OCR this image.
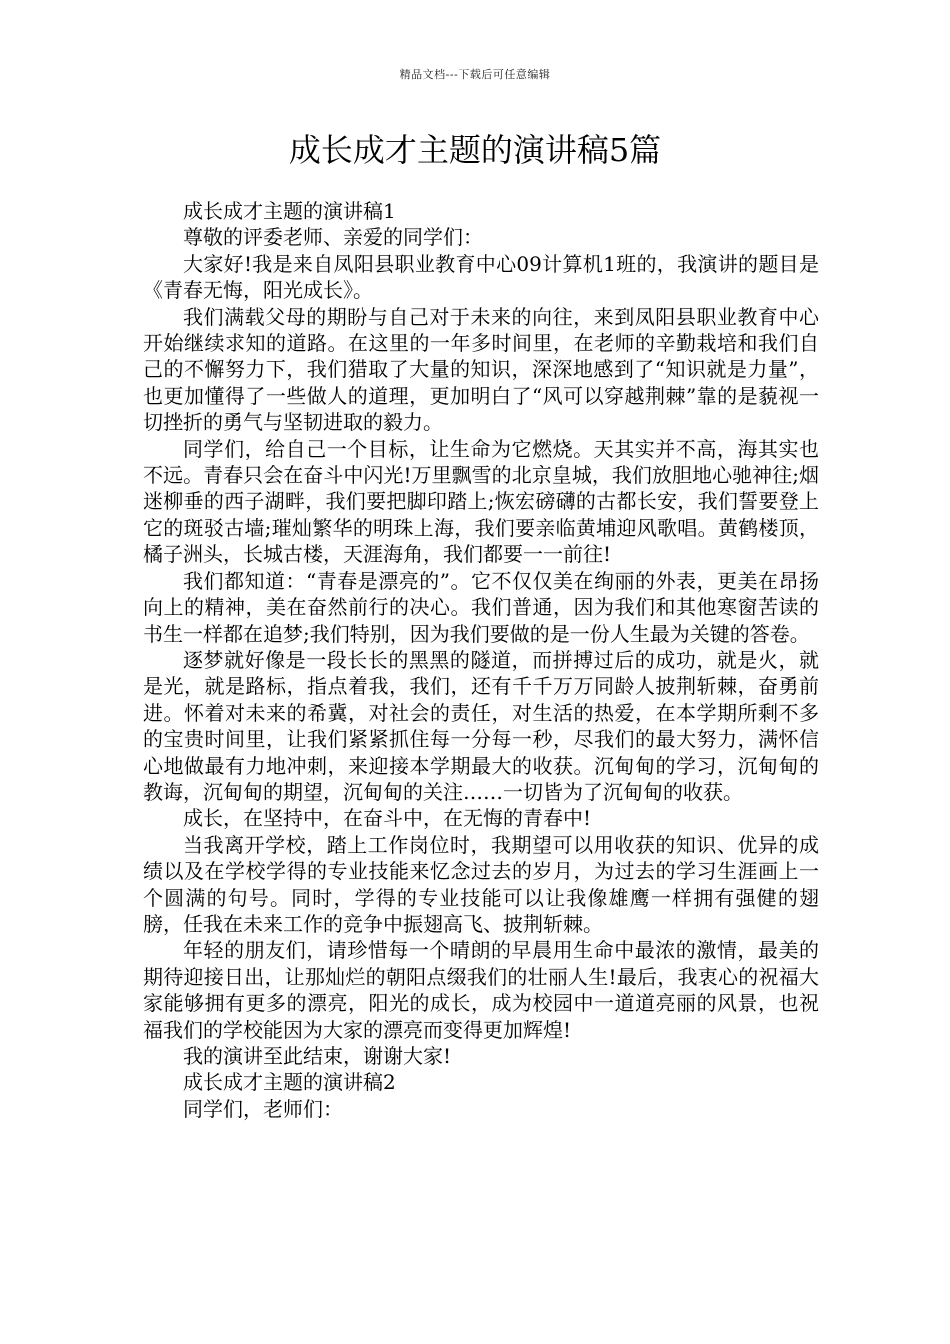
精品文档---下载后可任意编辑
成长成才主题的演讲稿5篇

成长成才主题的演讲稿1

尊敬的评委老师、亲爱的同学们：

大家好!我是来自凤阳县职业教育中心09计算机1班的，我演讲的题目是《青春无悔，阳光成长》。

我们满载父母的期盼与自己对于未来的向往，来到凤阳县职业教育中心开始继续求知的道路。在这里的一年多时间里，在老师的辛勤栽培和我们自己的不懈努力下，我们猎取了大量的知识，深深地感到了“知识就是力量”，也更加懂得了一些做人的道理，更加明白了“风可以穿越荆棘”靠的是藐视一切挫折的勇气与坚韧进取的毅力。

同学们，给自己一个目标，让生命为它燃烧。天其实并不高，海其实也不远。青春只会在奋斗中闪光!万里飘雪的北京皇城，我们放胆地心驰神往;烟迷柳垂的西子湖畔，我们要把脚印踏上;恢宏磅礴的古都长安，我们誓要登上它的斑驳古墙;璀灿繁华的明珠上海，我们要亲临黄埔迎风歌唱。黄鹤楼顶，橘子洲头，长城古楼，天涯海角，我们都要一一前往!

我们都知道：“青春是漂亮的”。它不仅仅美在绚丽的外表，更美在昂扬向上的精神，美在奋然前行的决心。我们普通，因为我们和其他寒窗苦读的书生一样都在追梦;我们特别，因为我们要做的是一份人生最为关键的答卷。

逐梦就好像是一段长长的黑黑的隧道，而拼搏过后的成功，就是火，就是光，就是路标，指点着我，我们，还有千千万万同龄人披荆斩棘，奋勇前进。怀着对未来的希冀，对社会的责任，对生活的热爱，在本学期所剩不多的宝贵时间里，让我们紧紧抓住每一分每一秒，尽我们的最大努力，满怀信心地做最有力地冲刺，来迎接本学期最大的收获。沉甸甸的学习，沉甸甸的教诲，沉甸甸的期望，沉甸甸的关注……一切皆为了沉甸甸的收获。

成长，在坚持中，在奋斗中，在无悔的青春中!

当我离开学校，踏上工作岗位时，我期望可以用收获的知识、优异的成绩以及在学校学得的专业技能来忆念过去的岁月，为过去的学习生涯画上一个圆满的句号。同时，学得的专业技能可以让我像雄鹰一样拥有强健的翅膀，任我在未来工作的竞争中振翅高飞、披荆斩棘。

年轻的朋友们，请珍惜每一个晴朗的早晨用生命中最浓的激情，最美的期待迎接日出，让那灿烂的朝阳点缀我们的壮丽人生!最后，我衷心的祝福大家能够拥有更多的漂亮，阳光的成长，成为校园中一道道亮丽的风景，也祝福我们的学校能因为大家的漂亮而变得更加辉煌!

我的演讲至此结束，谢谢大家!

成长成才主题的演讲稿2

同学们，老师们：
